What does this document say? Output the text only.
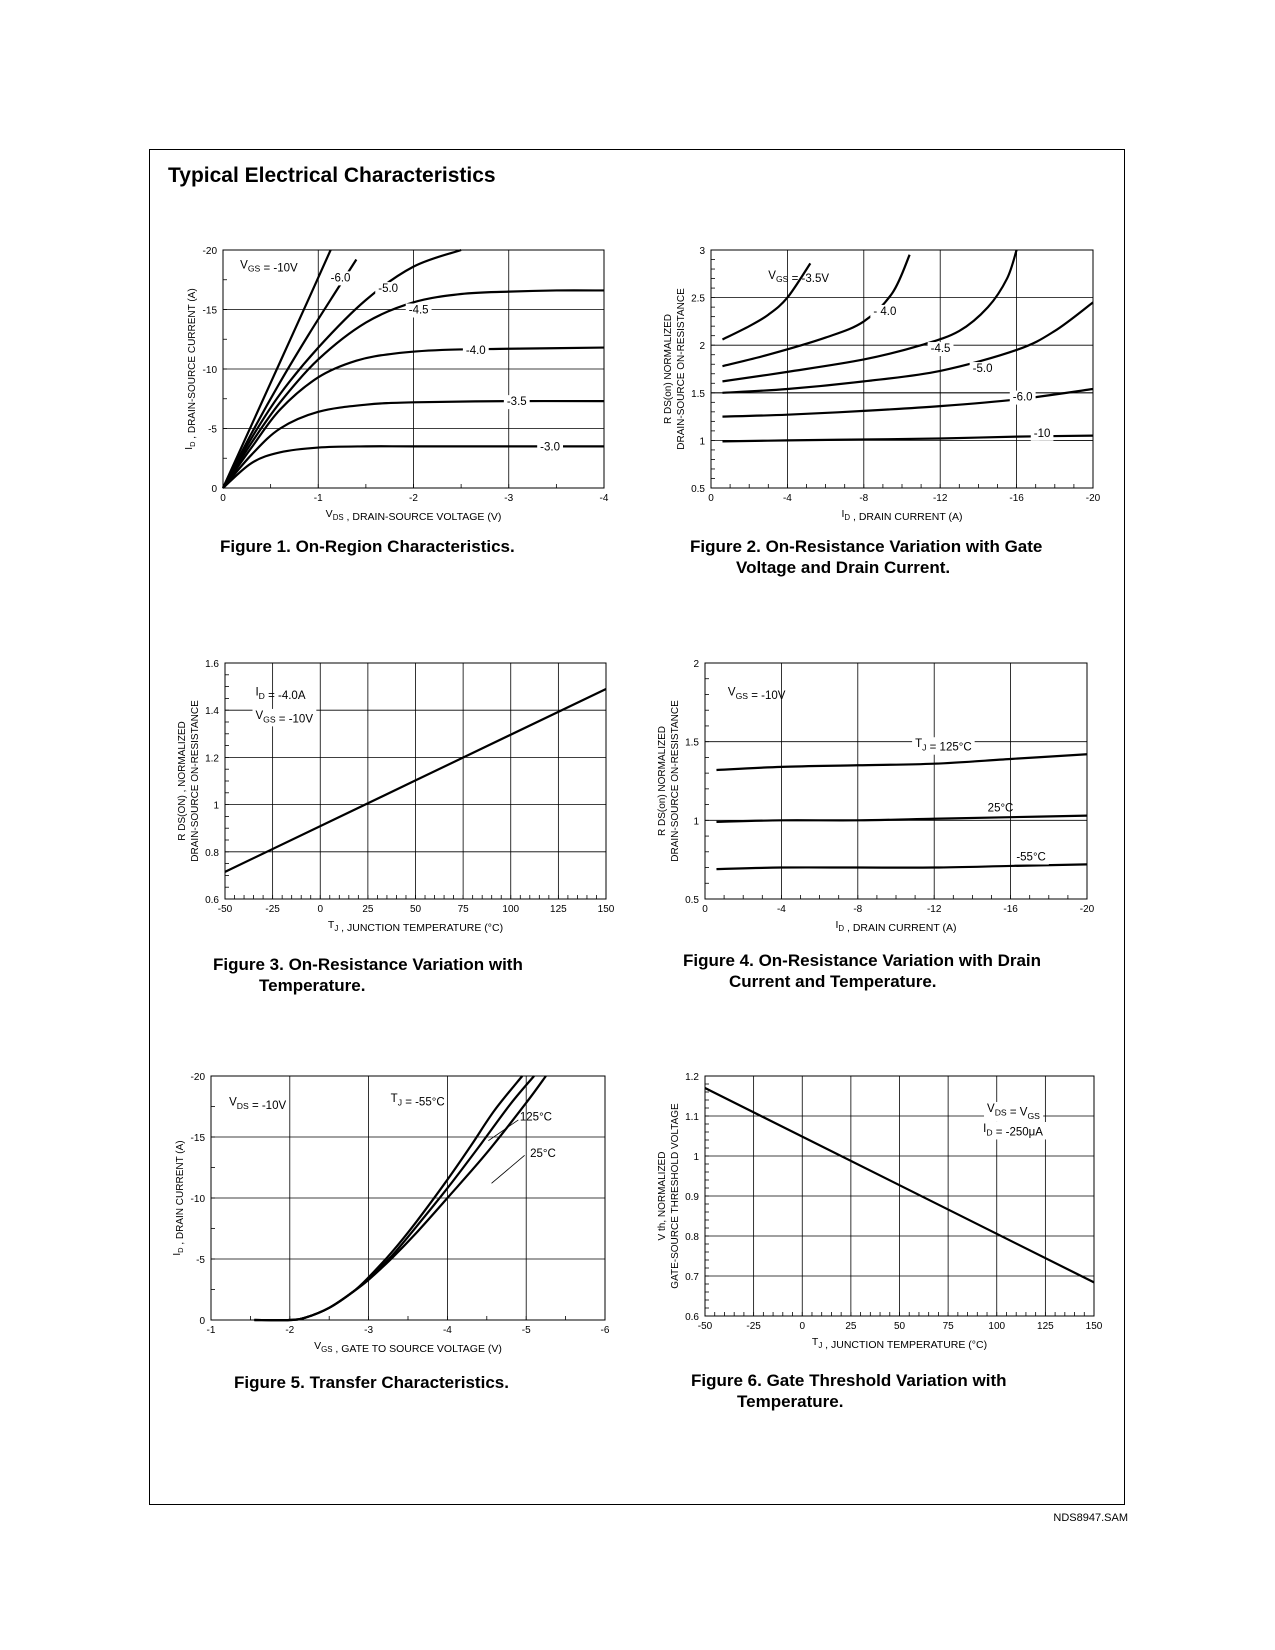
Typical Electrical Characteristics
0	-1	-2	-3	-4
0
-5
-10
-15
-20
$V_{DS}$ , DRAIN-SOURCE VOLTAGE (V)
$I_D$ , DRAIN-SOURCE CURRENT (A)
$V_{GS} = -10V$
-6.0
-5.0
-4.5
-4.0
-3.5
-3.0
0	-4	-8	-12	-16	-20
0.5
1
1.5
2
2.5
3
$I_D$ , DRAIN CURRENT (A)
R DS(on) NORMALIZED DRAIN-SOURCE ON-RESISTANCE
$V_{GS} = -3.5V$
- 4.0
-4.5
-5.0
-6.0
-10
-50	-25	0	25	50	75	100	125	150
0.6
0.8
1
1.2
1.4
1.6
$T_J$ , JUNCTION TEMPERATURE (°C)
R DS(ON) , NORMALIZED DRAIN-SOURCE ON-RESISTANCE
$I_D = -4.0A$
$V_{GS} = -10V$
0	-4	-8	-12	-16	-20
0.5
1
1.5
2
$I_D$ , DRAIN CURRENT (A)
R DS(on) NORMALIZED DRAIN-SOURCE ON-RESISTANCE
$V_{GS} = -10V$
$T_J = 125^\circ C$
25°C
-55°C
-1	-2	-3	-4	-5	-6
0
-5
-10
-15
-20
$V_{GS}$ , GATE TO SOURCE VOLTAGE (V)
$I_D$ , DRAIN CURRENT (A)
$V_{DS} = -10V$
$T_J = -55^\circ C$
125°C
25°C
-50	-25	0	25	50	75	100	125	150
0.6
0.7
0.8
0.9
1
1.1
1.2
$T_J$ , JUNCTION TEMPERATURE (°C)
V th, NORMALIZED GATE-SOURCE THRESHOLD VOLTAGE	$V_{DS} = V_{GS}$
$I_D = -250\mu A$
Figure 1. On-Region Characteristics.	Figure 2. On-Resistance Variation with Gate
Voltage and Drain Current.
Figure 3. On-Resistance Variation with
Temperature.
Figure 4. On-Resistance Variation with Drain
Current and Temperature.
Figure 5. Transfer Characteristics.	Figure 6. Gate Threshold Variation with
Temperature.
NDS8947.SAM
